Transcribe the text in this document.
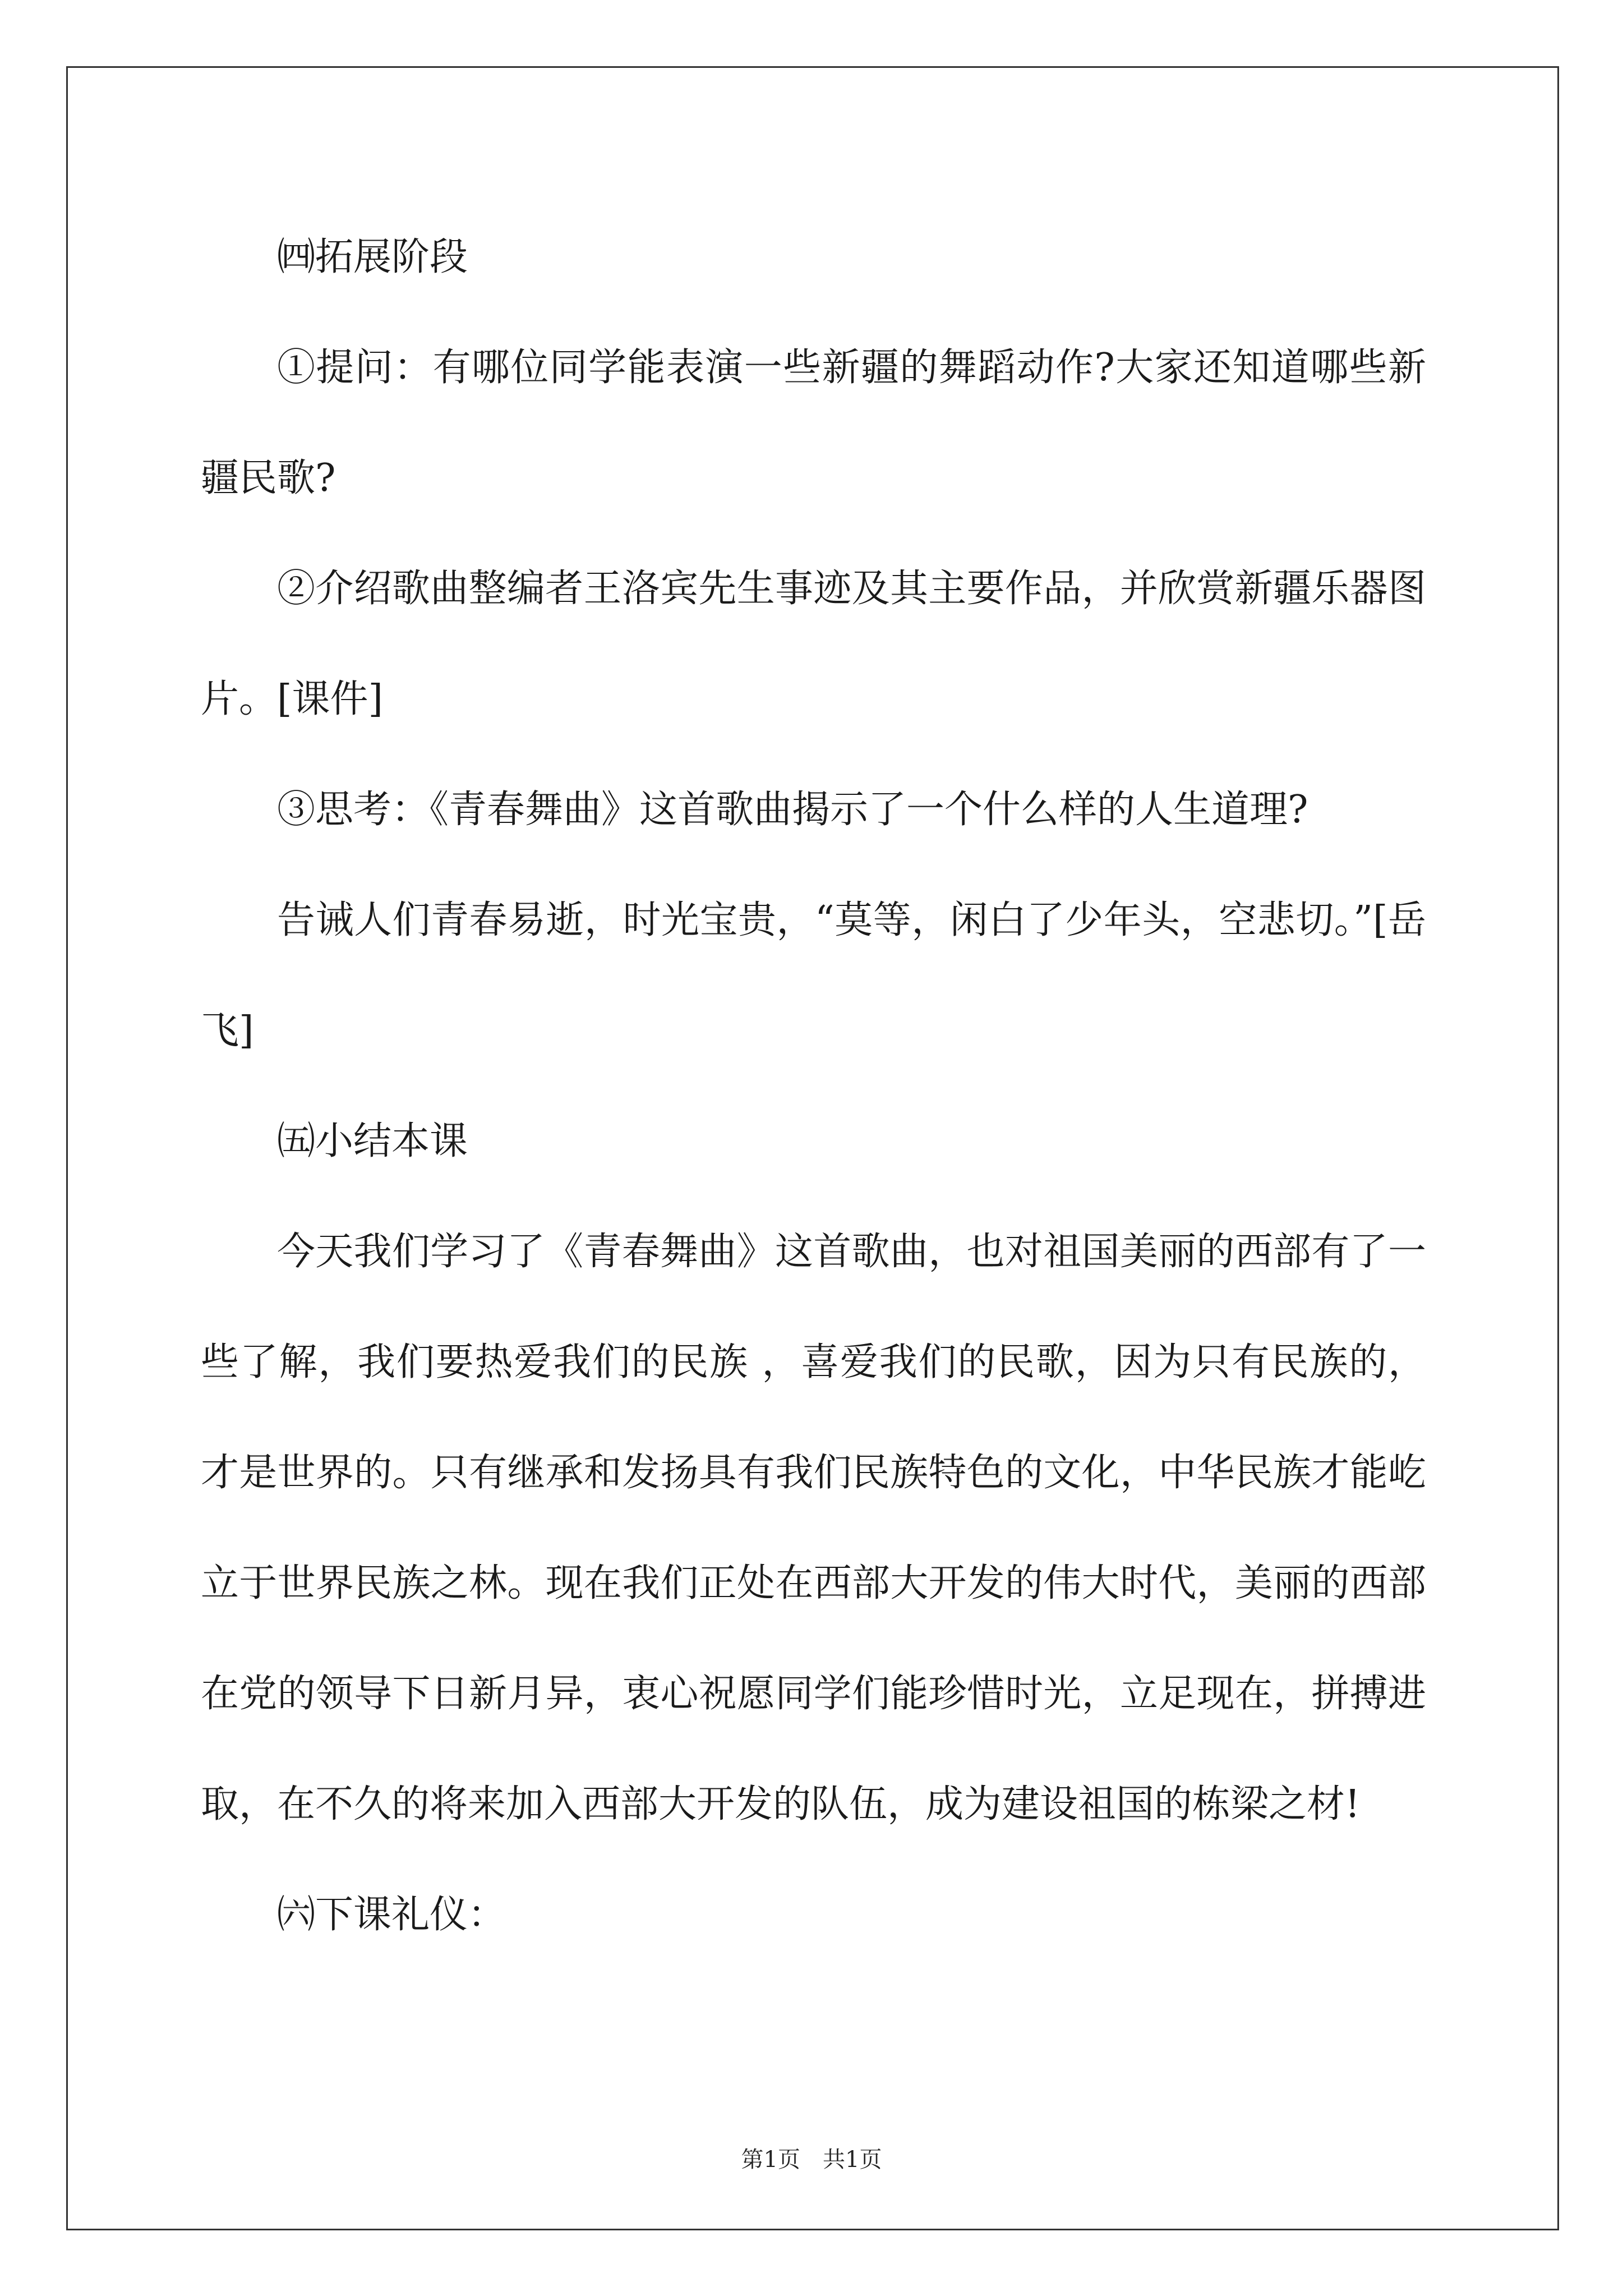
㈣拓展阶段

①提问：有哪位同学能表演一些新疆的舞蹈动作?大家还知道哪些新疆民歌?

②介绍歌曲整编者王洛宾先生事迹及其主要作品，并欣赏新疆乐器图片。[课件]

③思考：《青春舞曲》这首歌曲揭示了一个什么样的人生道理?

告诫人们青春易逝，时光宝贵，“莫等，闲白了少年头，空悲切。”[岳飞]

㈤小结本课

今天我们学习了《青春舞曲》这首歌曲，也对祖国美丽的西部有了一些了解，我们要热爱我们的民族 ，喜爱我们的民歌，因为只有民族的，才是世界的。只有继承和发扬具有我们民族特色的文化，中华民族才能屹立于世界民族之林。现在我们正处在西部大开发的伟大时代，美丽的西部在党的领导下日新月异，衷心祝愿同学们能珍惜时光，立足现在，拼搏进取，在不久的将来加入西部大开发的队伍，成为建设祖国的栋梁之材!

㈥下课礼仪：

第1页　共1页
